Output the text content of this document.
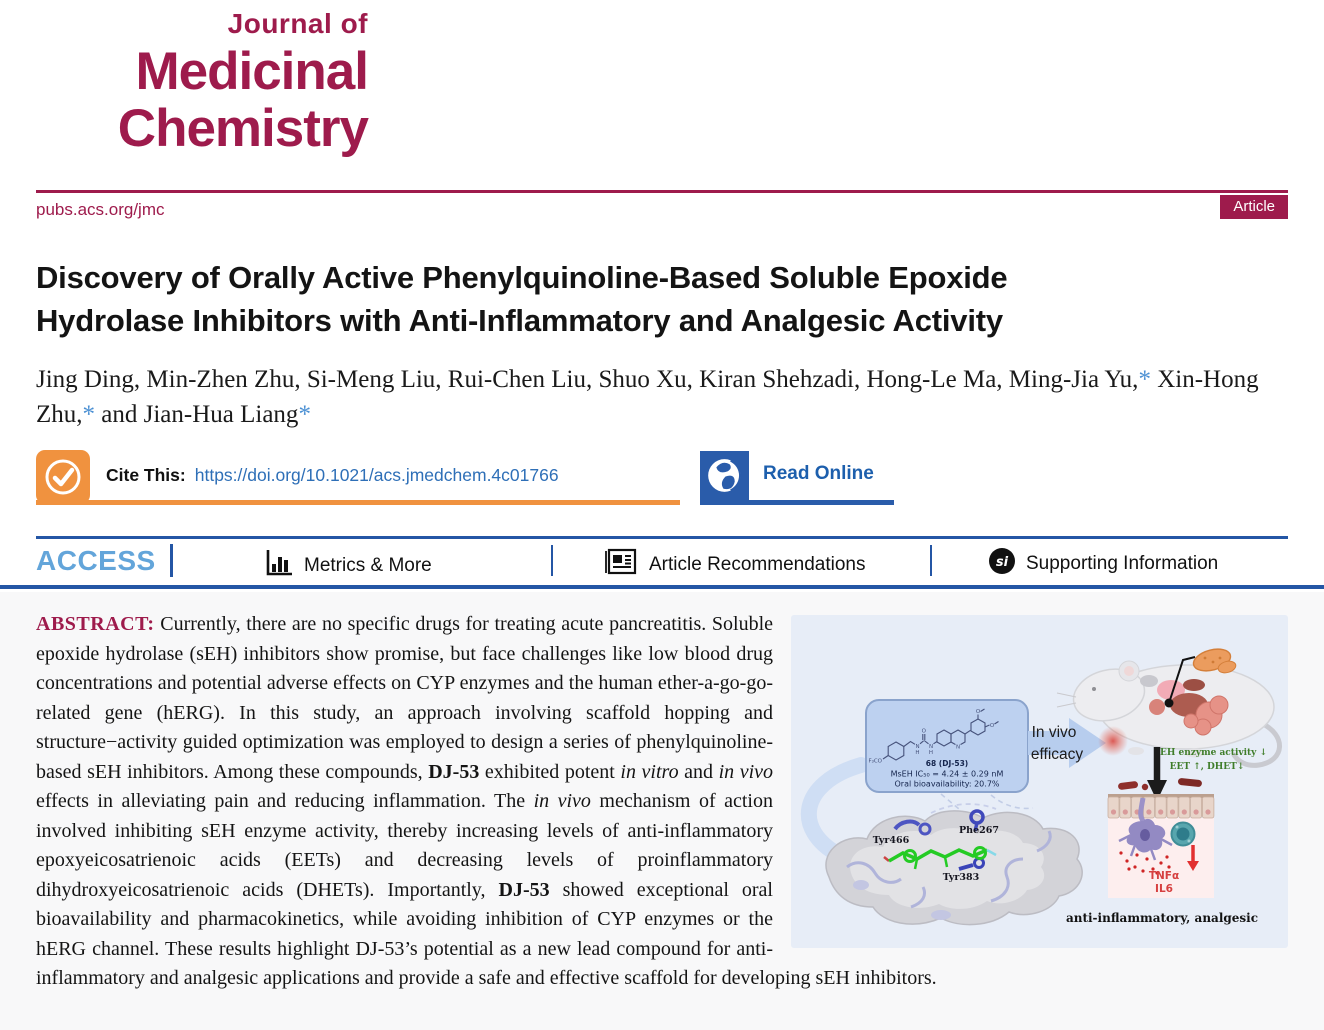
Journal of
Medicinal
Chemistry
pubs.acs.org/jmc	Article
Discovery of Orally Active Phenylquinoline-Based Soluble Epoxide
Hydrolase Inhibitors with Anti-Inflammatory and Analgesic Activity
Jing Ding, Min-Zhen Zhu, Si-Meng Liu, Rui-Chen Liu, Shuo Xu, Kiran Shehzadi, Hong-Le Ma, Ming-Jia Yu,* Xin-Hong Zhu,* and Jian-Hua Liang*
Cite This: https://doi.org/10.1021/acs.jmedchem.4c01766	Read Online
ACCESS	Metrics & More	Article Recommendations	si Supporting Information
F₃CO
N
H
O
N
H
N
O
O
68 (DJ-53)
MsEH IC₅₀ = 4.24 ± 0.29 nM
Oral bioavailability: 20.7%
In vivo
efficacy	sEH enzyme activity ↓
EET ↑, DHET↓
TNFα
IL6
anti-inflammatory, analgesic
Tyr466
Phe267
Tyr383
ABSTRACT: Currently, there are no specific drugs for treating acute pancreatitis. Soluble epoxide hydrolase (sEH) inhibitors show promise, but face challenges like low blood drug concentrations and potential adverse effects on CYP enzymes and the human ether-a-go-go-related gene (hERG). In this study, an approach involving scaffold hopping and structure−activity guided optimization was employed to design a series of phenylquinoline-based sEH inhibitors. Among these compounds, DJ-53 exhibited potent in vitro and in vivo effects in alleviating pain and reducing inflammation. The in vivo mechanism of action involved inhibiting sEH enzyme activity, thereby increasing levels of anti-inflammatory epoxyeicosatrienoic acids (EETs) and decreasing levels of proinflammatory dihydroxyeicosatrienoic acids (DHETs). Importantly, DJ-53 showed exceptional oral bioavailability and pharmacokinetics, while avoiding inhibition of CYP enzymes or the hERG channel. These results highlight DJ-53’s potential as a new lead compound for anti-inflammatory and analgesic applications and provide a safe and effective scaffold for developing sEH inhibitors.
